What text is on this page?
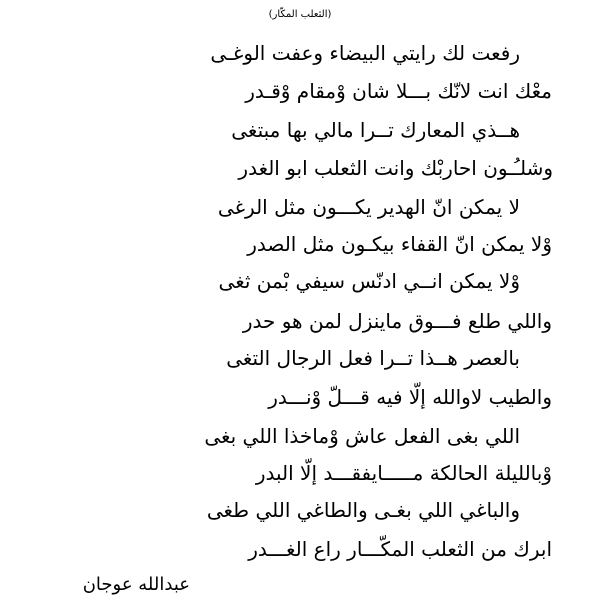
(الثعلب المكّار)
رفعت لك رايتي البيضاء وعفت الوغـى
معْك انت لانّك بـــلا شان وْمقام وْقـدر
هــذي المعارك تــرا مالي بها مبتغى
وشلـُـون احاربْك وانت الثعلب ابو الغدر
لا يمكن انّ الهدير يكـــون مثل الرغى
وْلا يمكن انّ القفاء بيكـون مثل الصدر
وْلا يمكن انــي ادنّس سيفي بْمن ثغى
واللي طلع فـــوق ماينزل لمن هو حدر
بالعصر هــذا تــرا فعل الرجال التغى
والطيب لاوالله إلّا فيه قـــلّ وْنـــدر
اللي بغى الفعل عاش وْماخذا اللي بغى
وْبالليلة الحالكة مـــــايفقـــد إلّا البدر
والباغي اللي بغـى والطاغي اللي طغى
ابرك من الثعلب المكّـــار راع الغـــدر
عبدالله عوجان
